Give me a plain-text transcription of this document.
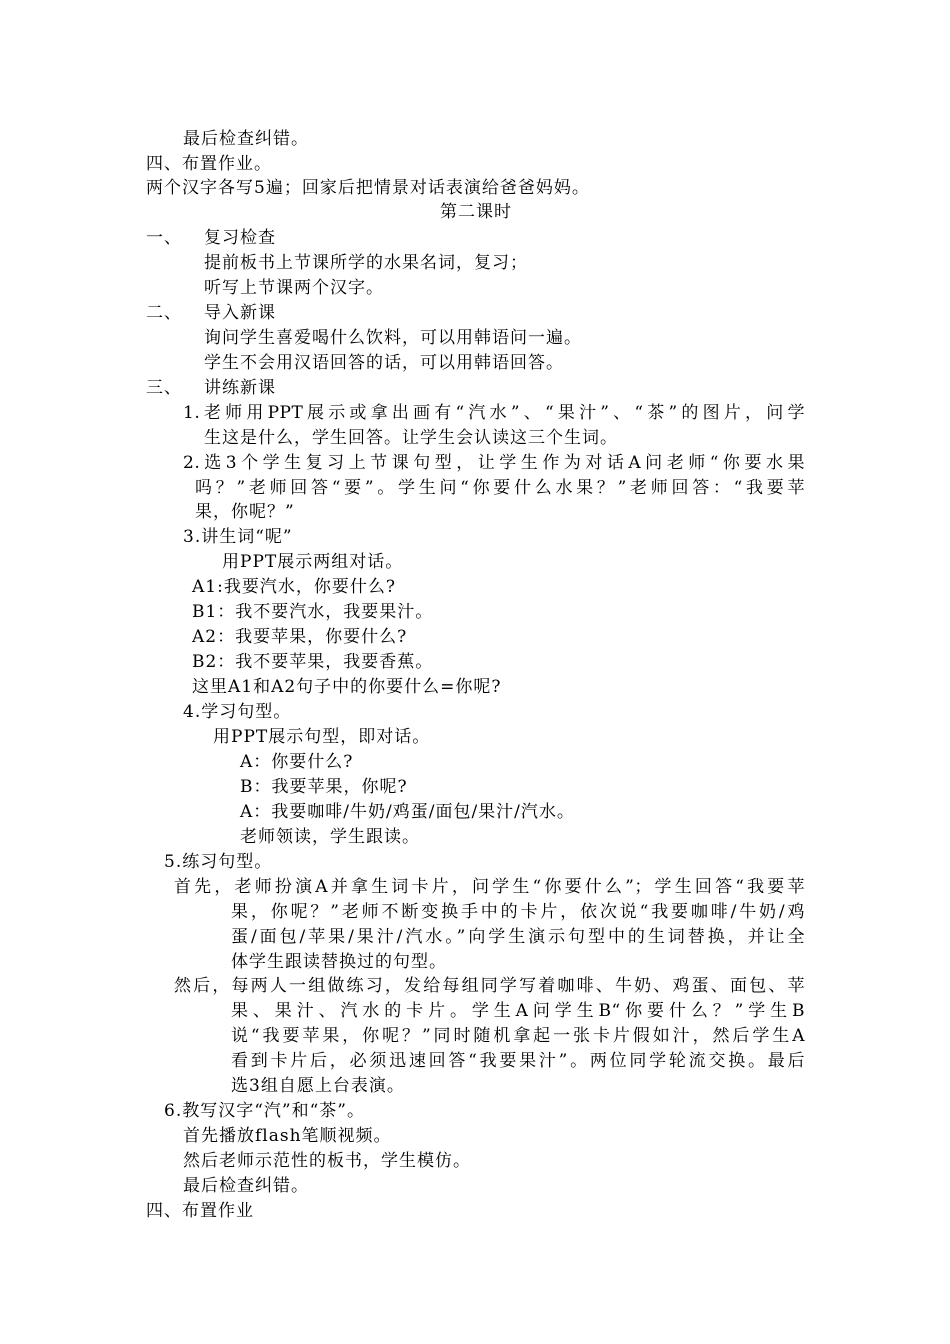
最后检查纠错。
四、布置作业。
两个汉字各写5遍；回家后把情景对话表演给爸爸妈妈。
第二课时
一、 复习检查
提前板书上节课所学的水果名词，复习；
听写上节课两个汉字。
二、 导入新课
询问学生喜爱喝什么饮料，可以用韩语问一遍。
学生不会用汉语回答的话，可以用韩语回答。
三、 讲练新课
1.老师用PPT展示或拿出画有“汽水”、“果汁”、“茶”的图片，问学
生这是什么，学生回答。让学生会认读这三个生词。
2.选3个学生复习上节课句型，让学生作为对话A问老师“你要水果
吗？”老师回答“要”。学生问“你要什么水果？”老师回答：“我要苹
果，你呢？”
3.讲生词“呢”
用PPT展示两组对话。
A1:我要汽水，你要什么?
B1：我不要汽水，我要果汁。
A2：我要苹果，你要什么?
B2：我不要苹果，我要香蕉。
这里A1和A2句子中的你要什么=你呢?
4.学习句型。
用PPT展示句型，即对话。
A：你要什么?
B：我要苹果，你呢?
A：我要咖啡/牛奶/鸡蛋/面包/果汁/汽水。
老师领读，学生跟读。
5.练习句型。
首先，老师扮演A并拿生词卡片，问学生“你要什么”；学生回答“我要苹
果，你呢？”老师不断变换手中的卡片，依次说“我要咖啡/牛奶/鸡
蛋/面包/苹果/果汁/汽水。”向学生演示句型中的生词替换，并让全
体学生跟读替换过的句型。
然后，每两人一组做练习，发给每组同学写着咖啡、牛奶、鸡蛋、面包、苹
果、果汁、汽水的卡片。学生A问学生B“你要什么？”学生B
说“我要苹果，你呢？”同时随机拿起一张卡片假如汁，然后学生A
看到卡片后，必须迅速回答“我要果汁”。两位同学轮流交换。最后
选3组自愿上台表演。
6.教写汉字“汽”和“茶”。
首先播放flash笔顺视频。
然后老师示范性的板书，学生模仿。
最后检查纠错。
四、布置作业
